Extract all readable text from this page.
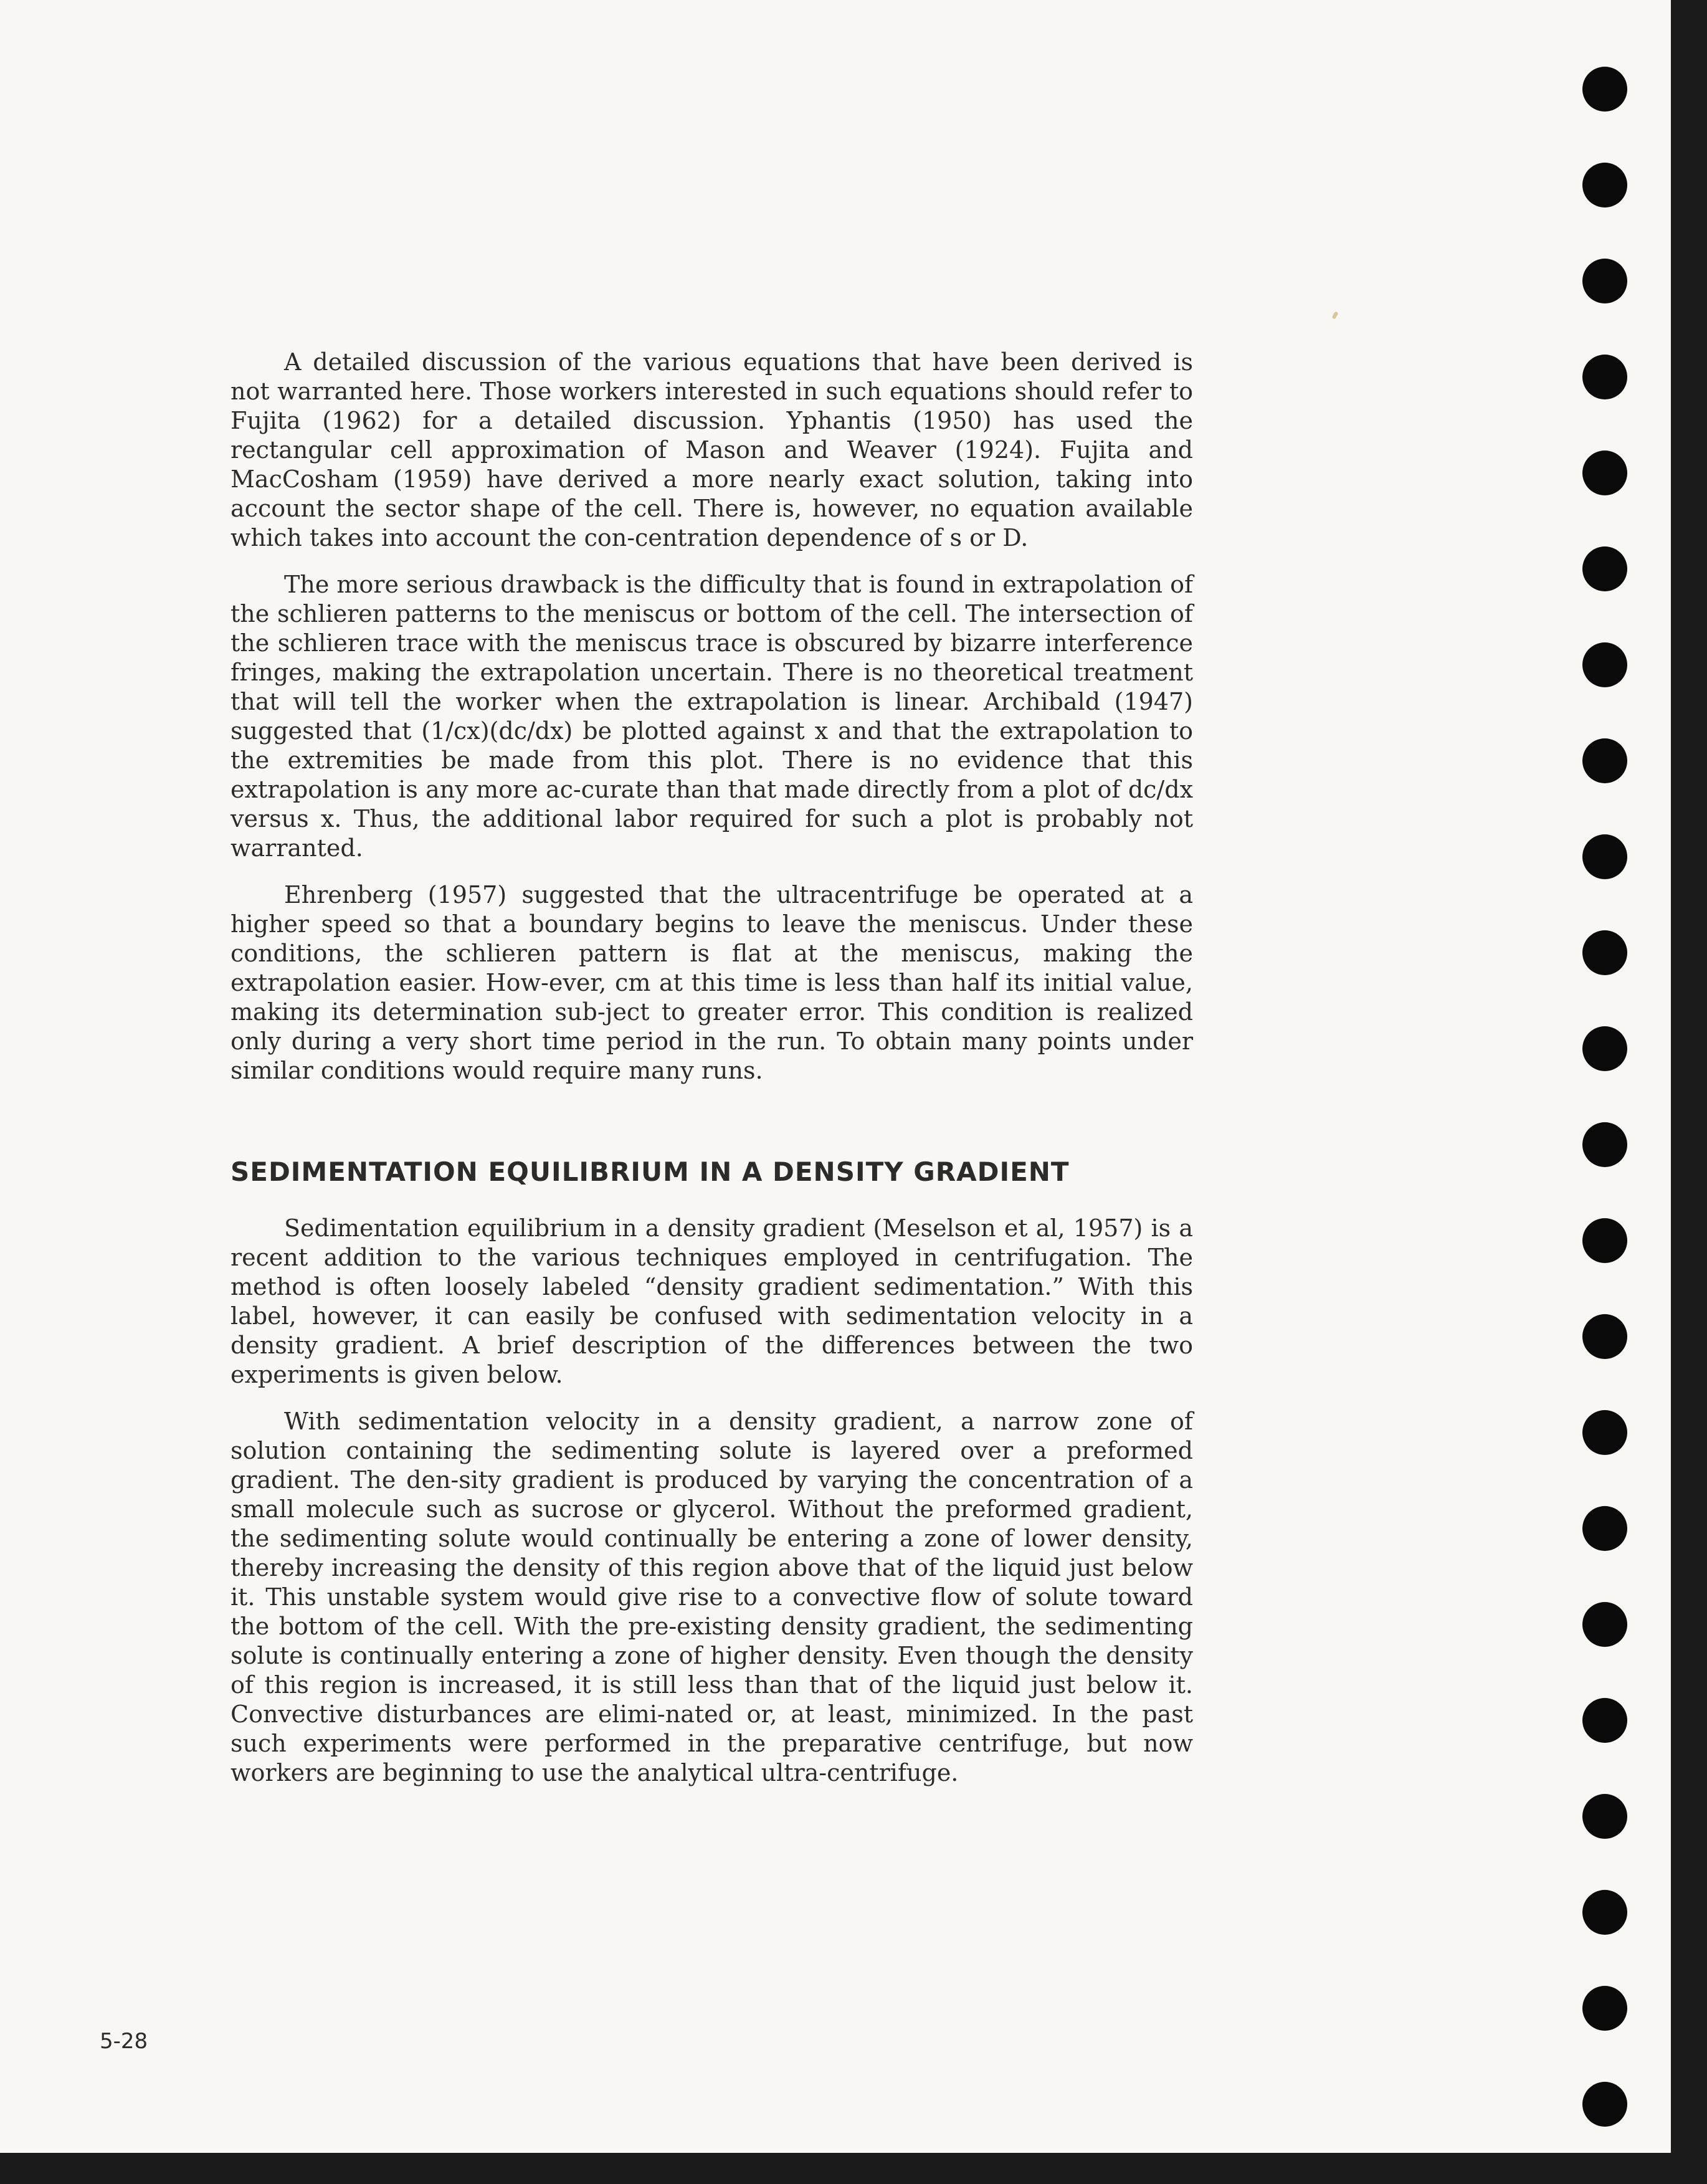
A detailed discussion of the various equations that have been derived is not warranted here. Those workers interested in such equations should refer to Fujita (1962) for a detailed discussion. Yphantis (1950) has used the rectangular cell approximation of Mason and Weaver (1924). Fujita and MacCosham (1959) have derived a more nearly exact solution, taking into account the sector shape of the cell. There is, however, no equation available which takes into account the con-centration dependence of s or D.

The more serious drawback is the difficulty that is found in extrapolation of the schlieren patterns to the meniscus or bottom of the cell. The intersection of the schlieren trace with the meniscus trace is obscured by bizarre interference fringes, making the extrapolation uncertain. There is no theoretical treatment that will tell the worker when the extrapolation is linear. Archibald (1947) suggested that (1/cx)(dc/dx) be plotted against x and that the extrapolation to the extremities be made from this plot. There is no evidence that this extrapolation is any more ac-curate than that made directly from a plot of dc/dx versus x. Thus, the additional labor required for such a plot is probably not warranted.

Ehrenberg (1957) suggested that the ultracentrifuge be operated at a higher speed so that a boundary begins to leave the meniscus. Under these conditions, the schlieren pattern is flat at the meniscus, making the extrapolation easier. How-ever, cm at this time is less than half its initial value, making its determination sub-ject to greater error. This condition is realized only during a very short time period in the run. To obtain many points under similar conditions would require many runs.

SEDIMENTATION EQUILIBRIUM IN A DENSITY GRADIENT

Sedimentation equilibrium in a density gradient (Meselson et al, 1957) is a recent addition to the various techniques employed in centrifugation. The method is often loosely labeled “density gradient sedimentation.” With this label, however, it can easily be confused with sedimentation velocity in a density gradient. A brief description of the differences between the two experiments is given below.

With sedimentation velocity in a density gradient, a narrow zone of solution containing the sedimenting solute is layered over a preformed gradient. The den-sity gradient is produced by varying the concentration of a small molecule such as sucrose or glycerol. Without the preformed gradient, the sedimenting solute would continually be entering a zone of lower density, thereby increasing the density of this region above that of the liquid just below it. This unstable system would give rise to a convective flow of solute toward the bottom of the cell. With the pre-existing density gradient, the sedimenting solute is continually entering a zone of higher density. Even though the density of this region is increased, it is still less than that of the liquid just below it. Convective disturbances are elimi-nated or, at least, minimized. In the past such experiments were performed in the preparative centrifuge, but now workers are beginning to use the analytical ultra-centrifuge.

5-28
